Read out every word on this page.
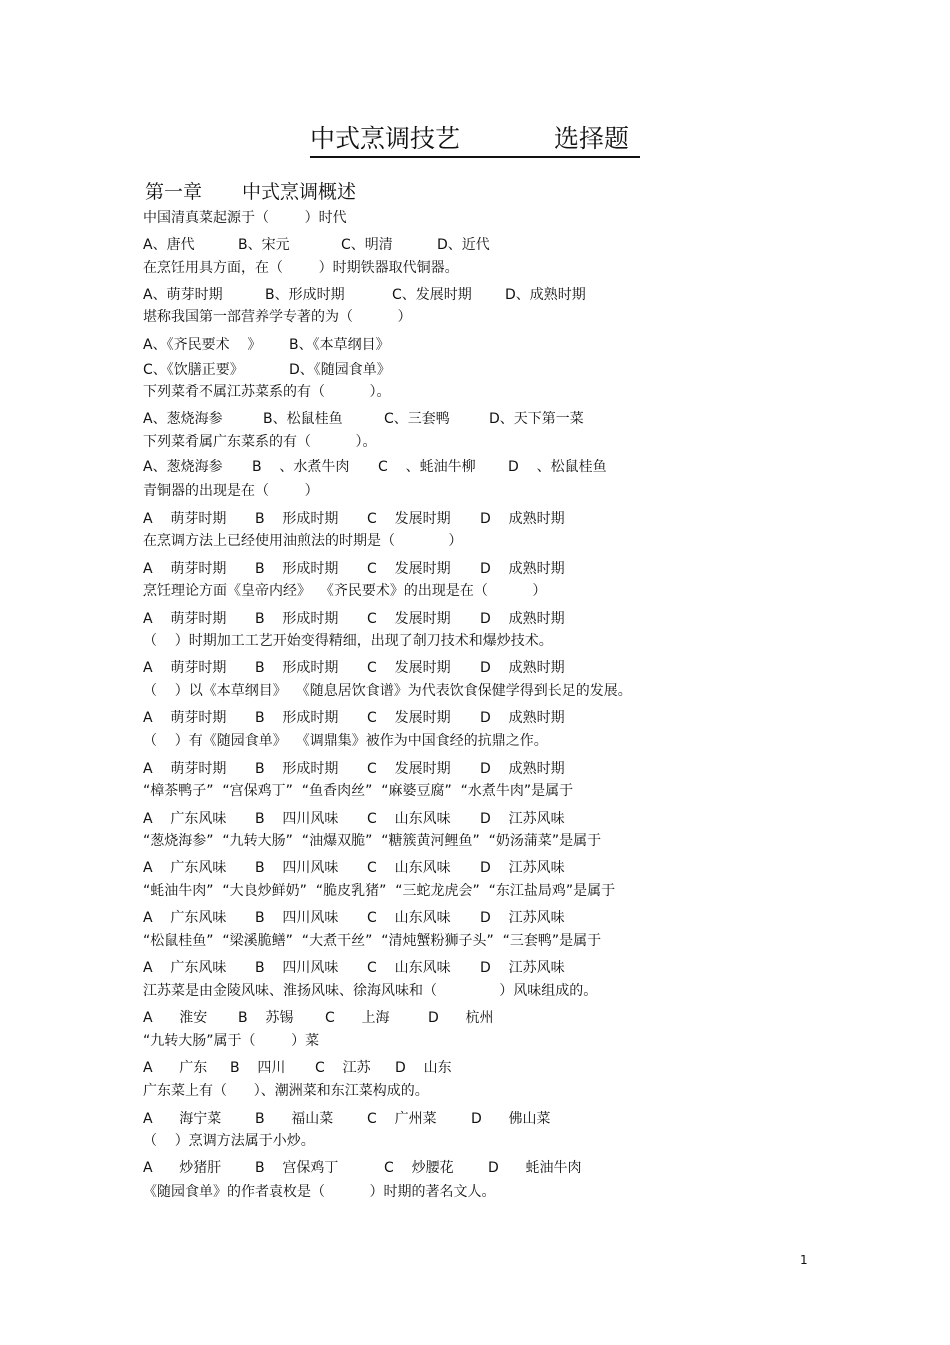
中式烹调技艺

	选择题

第一章 中式烹调概述
中国清真菜起源于（        ）时代
A、唐代	B、宋元	C、明清	D、近代
在烹饪用具方面，在（        ）时期铁器取代铜器。
A、萌芽时期	B、形成时期	C、发展时期 D、成熟时期
堪称我国第一部营养学专著的为（          ）
A、《齐民要术    》 B、《本草纲目》
C、《饮膳正要》	D、《随园食单》
下列菜肴不属江苏菜系的有（          ）。
A、葱烧海参	B、松鼠桂鱼	C、三套鸭	D、天下第一菜
下列菜肴属广东菜系的有（          ）。
A、葱烧海参 B    、水煮牛肉 C    、蚝油牛柳 D    、松鼠桂鱼
青铜器的出现是在（        ）
A    萌芽时期 B    形成时期 C    发展时期 D    成熟时期
在烹调方法上已经使用油煎法的时期是（            ）
A    萌芽时期 B    形成时期 C    发展时期 D    成熟时期
烹饪理论方面《皇帝内经》  《齐民要术》的出现是在（          ）
A    萌芽时期 B    形成时期 C    发展时期 D    成熟时期
（    ）时期加工工艺开始变得精细，出现了剞刀技术和爆炒技术。
A    萌芽时期 B    形成时期 C    发展时期 D    成熟时期
（    ）以《本草纲目》  《随息居饮食谱》为代表饮食保健学得到长足的发展。
A    萌芽时期 B    形成时期 C    发展时期 D    成熟时期
（    ）有《随园食单》  《调鼎集》被作为中国食经的抗鼎之作。
A    萌芽时期 B    形成时期 C    发展时期 D    成熟时期
“樟茶鸭子”  “宫保鸡丁”  “鱼香肉丝”  “麻婆豆腐”  “水煮牛肉”是属于
A    广东风味 B    四川风味 C    山东风味 D    江苏风味
“葱烧海参”  “九转大肠”  “油爆双脆”  “糖簇黄河鲤鱼”  “奶汤蒲菜”是属于
A    广东风味 B    四川风味 C    山东风味 D    江苏风味
“蚝油牛肉”  “大良炒鲜奶”  “脆皮乳猪”  “三蛇龙虎会”  “东江盐局鸡”是属于
A    广东风味 B    四川风味 C    山东风味 D    江苏风味
“松鼠桂鱼”  “梁溪脆鳝”  “大煮干丝”  “清炖蟹粉狮子头”  “三套鸭”是属于
A    广东风味 B    四川风味 C    山东风味 D    江苏风味
江苏菜是由金陵风味、淮扬风味、徐海风味和（              ）风味组成的。
A      淮安 B    苏锡 C      上海	D      杭州
“九转大肠”属于（        ）菜
A      广东 B    四川 C    江苏 D    山东
广东菜上有（      ）、潮洲菜和东江菜构成的。
A      海宁菜 B      福山菜 C    广州菜 D      佛山菜
（    ）烹调方法属于小炒。
A      炒猪肝 B    宫保鸡丁	C    炒腰花 D      蚝油牛肉
《随园食单》的作者袁枚是（          ）时期的著名文人。
1
